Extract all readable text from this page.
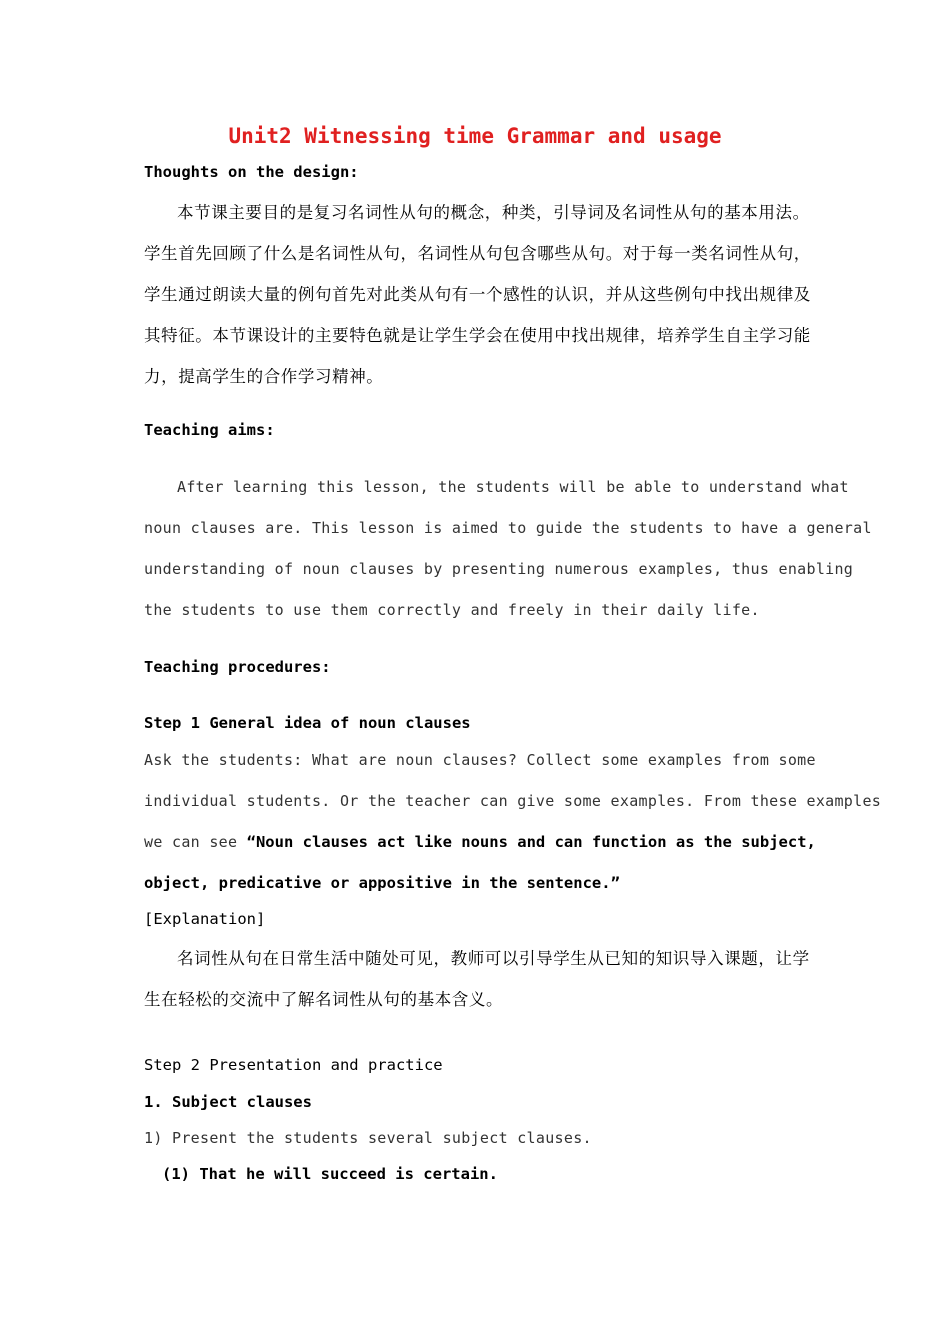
Unit2 Witnessing time Grammar and usage
Thoughts on the design:
本节课主要目的是复习名词性从句的概念，种类，引导词及名词性从句的基本用法。
学生首先回顾了什么是名词性从句，名词性从句包含哪些从句。对于每一类名词性从句，
学生通过朗读大量的例句首先对此类从句有一个感性的认识，并从这些例句中找出规律及
其特征。本节课设计的主要特色就是让学生学会在使用中找出规律，培养学生自主学习能
力，提高学生的合作学习精神。
Teaching aims:
After learning this lesson, the students will be able to understand what
noun clauses are. This lesson is aimed to guide the students to have a general
understanding of noun clauses by presenting numerous examples, thus enabling
the students to use them correctly and freely in their daily life.
Teaching procedures:
Step 1 General idea of noun clauses
Ask the students: What are noun clauses? Collect some examples from some
individual students. Or the teacher can give some examples. From these examples
we can see “Noun clauses act like nouns and can function as the subject,
object, predicative or appositive in the sentence.”
[Explanation]
名词性从句在日常生活中随处可见，教师可以引导学生从已知的知识导入课题，让学
生在轻松的交流中了解名词性从句的基本含义。
Step 2 Presentation and practice
1. Subject clauses
1) Present the students several subject clauses.
(1) That he will succeed is certain.
